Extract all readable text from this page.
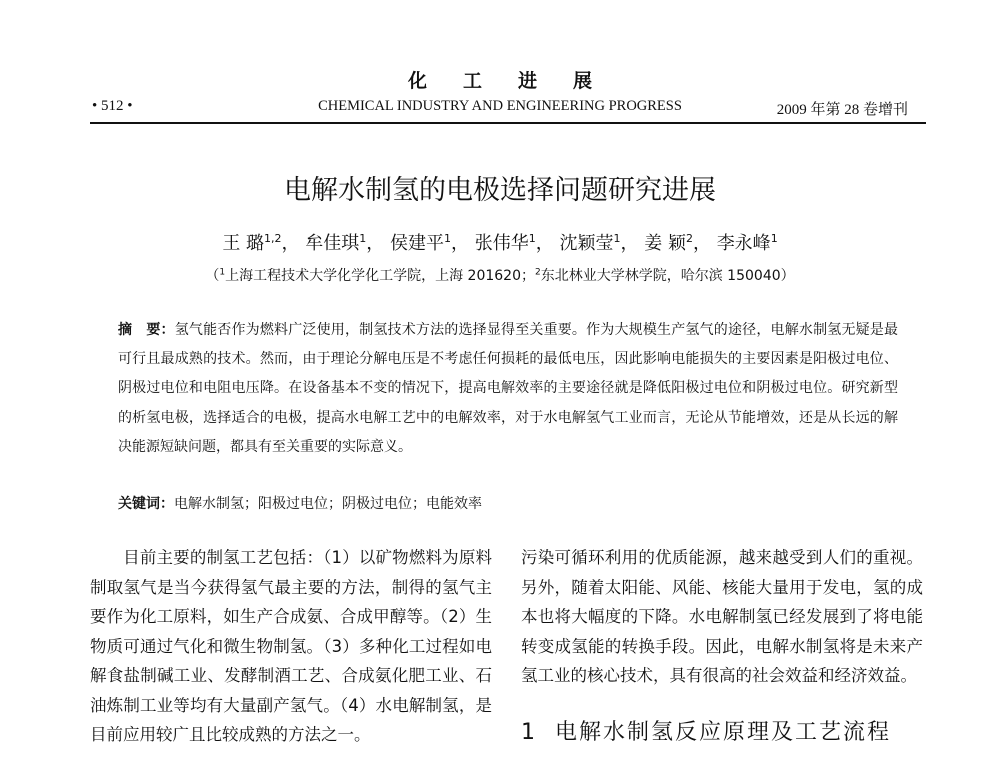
化工进展
• 512 •	CHEMICAL INDUSTRY AND ENGINEERING PROGRESS	2009 年第 28 卷增刊
电解水制氢的电极选择问题研究进展
王 璐$^{1,2}$， 牟佳琪$^1$， 侯建平$^1$， 张伟华$^1$， 沈颖莹$^1$， 姜 颖$^2$， 李永峰$^1$
（$^1$上海工程技术大学化学化工学院，上海 201620；$^2$东北林业大学林学院，哈尔滨 150040）
摘　要：氢气能否作为燃料广泛使用，制氢技术方法的选择显得至关重要。作为大规模生产氢气的途径，电解水制氢无疑是最可行且最成熟的技术。然而，由于理论分解电压是不考虑任何损耗的最低电压，因此影响电能损失的主要因素是阳极过电位、阴极过电位和电阻电压降。在设备基本不变的情况下，提高电解效率的主要途径就是降低阳极过电位和阴极过电位。研究新型的析氢电极，选择适合的电极，提高水电解工艺中的电解效率，对于水电解氢气工业而言，无论从节能增效，还是从长远的解决能源短缺问题，都具有至关重要的实际意义。
关键词：电解水制氢；阳极过电位；阴极过电位；电能效率
目前主要的制氢工艺包括：（1）以矿物燃料为原料制取氢气是当今获得氢气最主要的方法，制得的氢气主要作为化工原料，如生产合成氨、合成甲醇等。（2）生物质可通过气化和微生物制氢。（3）多种化工过程如电解食盐制碱工业、发酵制酒工艺、合成氨化肥工业、石油炼制工业等均有大量副产氢气。（4）水电解制氢，是目前应用较广且比较成熟的方法之一。
污染可循环利用的优质能源，越来越受到人们的重视。另外，随着太阳能、风能、核能大量用于发电，氢的成本也将大幅度的下降。水电解制氢已经发展到了将电能转变成氢能的转换手段。因此，电解水制氢将是未来产氢工业的核心技术，具有很高的社会效益和经济效益。
1 电解水制氢反应原理及工艺流程
